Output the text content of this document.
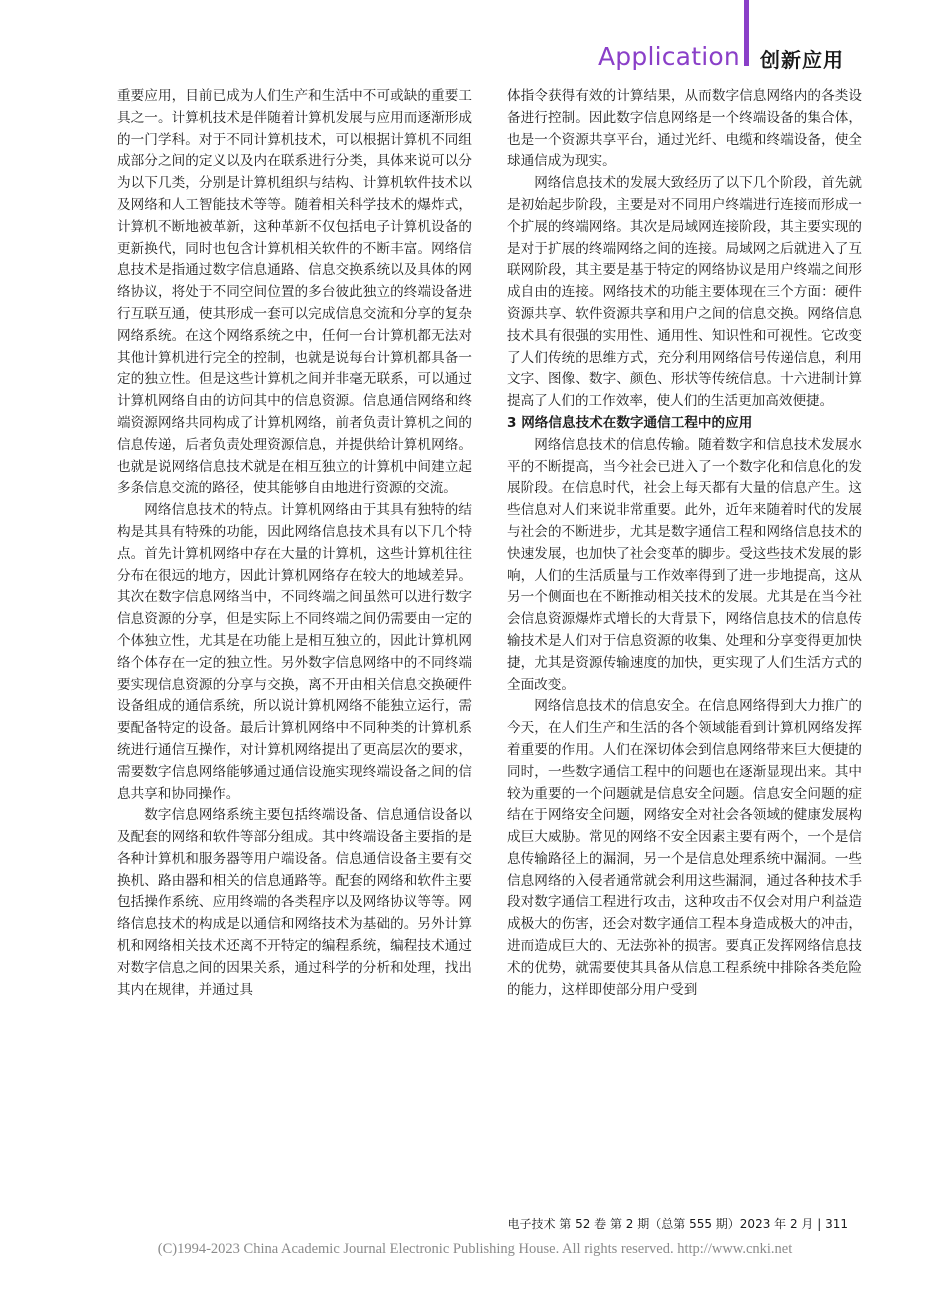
Application 创新应用

重要应用，目前已成为人们生产和生活中不可或缺的重要工具之一。计算机技术是伴随着计算机发展与应用而逐渐形成的一门学科。对于不同计算机技术，可以根据计算机不同组成部分之间的定义以及内在联系进行分类，具体来说可以分为以下几类，分别是计算机组织与结构、计算机软件技术以及网络和人工智能技术等等。随着相关科学技术的爆炸式，计算机不断地被革新，这种革新不仅包括电子计算机设备的更新换代，同时也包含计算机相关软件的不断丰富。网络信息技术是指通过数字信息通路、信息交换系统以及具体的网络协议，将处于不同空间位置的多台彼此独立的终端设备进行互联互通，使其形成一套可以完成信息交流和分享的复杂网络系统。在这个网络系统之中，任何一台计算机都无法对其他计算机进行完全的控制，也就是说每台计算机都具备一定的独立性。但是这些计算机之间并非毫无联系，可以通过计算机网络自由的访问其中的信息资源。信息通信网络和终端资源网络共同构成了计算机网络，前者负责计算机之间的信息传递，后者负责处理资源信息，并提供给计算机网络。也就是说网络信息技术就是在相互独立的计算机中间建立起多条信息交流的路径，使其能够自由地进行资源的交流。

网络信息技术的特点。计算机网络由于其具有独特的结构是其具有特殊的功能，因此网络信息技术具有以下几个特点。首先计算机网络中存在大量的计算机，这些计算机往往分布在很远的地方，因此计算机网络存在较大的地域差异。其次在数字信息网络当中，不同终端之间虽然可以进行数字信息资源的分享，但是实际上不同终端之间仍需要由一定的个体独立性，尤其是在功能上是相互独立的，因此计算机网络个体存在一定的独立性。另外数字信息网络中的不同终端要实现信息资源的分享与交换，离不开由相关信息交换硬件设备组成的通信系统，所以说计算机网络不能独立运行，需要配备特定的设备。最后计算机网络中不同种类的计算机系统进行通信互操作，对计算机网络提出了更高层次的要求，需要数字信息网络能够通过通信设施实现终端设备之间的信息共享和协同操作。

数字信息网络系统主要包括终端设备、信息通信设备以及配套的网络和软件等部分组成。其中终端设备主要指的是各种计算机和服务器等用户端设备。信息通信设备主要有交换机、路由器和相关的信息通路等。配套的网络和软件主要包括操作系统、应用终端的各类程序以及网络协议等等。网络信息技术的构成是以通信和网络技术为基础的。另外计算机和网络相关技术还离不开特定的编程系统，编程技术通过对数字信息之间的因果关系，通过科学的分析和处理，找出其内在规律，并通过具

体指令获得有效的计算结果，从而数字信息网络内的各类设备进行控制。因此数字信息网络是一个终端设备的集合体，也是一个资源共享平台，通过光纤、电缆和终端设备，使全球通信成为现实。

网络信息技术的发展大致经历了以下几个阶段，首先就是初始起步阶段，主要是对不同用户终端进行连接而形成一个扩展的终端网络。其次是局域网连接阶段，其主要实现的是对于扩展的终端网络之间的连接。局域网之后就进入了互联网阶段，其主要是基于特定的网络协议是用户终端之间形成自由的连接。网络技术的功能主要体现在三个方面：硬件资源共享、软件资源共享和用户之间的信息交换。网络信息技术具有很强的实用性、通用性、知识性和可视性。它改变了人们传统的思维方式，充分利用网络信号传递信息，利用文字、图像、数字、颜色、形状等传统信息。十六进制计算提高了人们的工作效率，使人们的生活更加高效便捷。

3 网络信息技术在数字通信工程中的应用

网络信息技术的信息传输。随着数字和信息技术发展水平的不断提高，当今社会已进入了一个数字化和信息化的发展阶段。在信息时代，社会上每天都有大量的信息产生。这些信息对人们来说非常重要。此外，近年来随着时代的发展与社会的不断进步，尤其是数字通信工程和网络信息技术的快速发展，也加快了社会变革的脚步。受这些技术发展的影响，人们的生活质量与工作效率得到了进一步地提高，这从另一个侧面也在不断推动相关技术的发展。尤其是在当今社会信息资源爆炸式增长的大背景下，网络信息技术的信息传输技术是人们对于信息资源的收集、处理和分享变得更加快捷，尤其是资源传输速度的加快，更实现了人们生活方式的全面改变。

网络信息技术的信息安全。在信息网络得到大力推广的今天，在人们生产和生活的各个领域能看到计算机网络发挥着重要的作用。人们在深切体会到信息网络带来巨大便捷的同时，一些数字通信工程中的问题也在逐渐显现出来。其中较为重要的一个问题就是信息安全问题。信息安全问题的症结在于网络安全问题，网络安全对社会各领域的健康发展构成巨大威胁。常见的网络不安全因素主要有两个，一个是信息传输路径上的漏洞，另一个是信息处理系统中漏洞。一些信息网络的入侵者通常就会利用这些漏洞，通过各种技术手段对数字通信工程进行攻击，这种攻击不仅会对用户利益造成极大的伤害，还会对数字通信工程本身造成极大的冲击，进而造成巨大的、无法弥补的损害。要真正发挥网络信息技术的优势，就需要使其具备从信息工程系统中排除各类危险的能力，这样即使部分用户受到

电子技术 第 52 卷 第 2 期（总第 555 期）2023 年 2 月 | 311
(C)1994-2023 China Academic Journal Electronic Publishing House. All rights reserved. http://www.cnki.net
